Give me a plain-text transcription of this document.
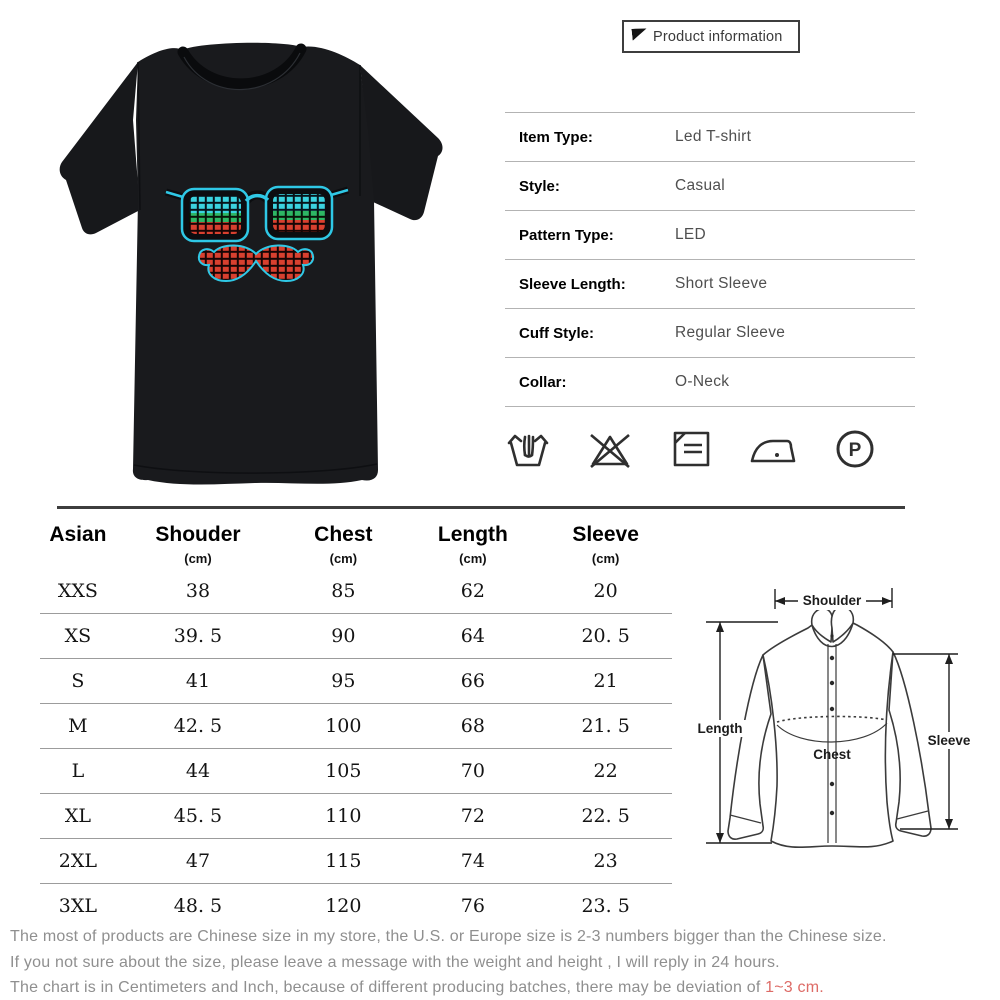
Product information
Item Type:	Led T-shirt
Style:	Casual
Pattern Type:	LED
Sleeve Length:	Short Sleeve
Cuff Style:	Regular Sleeve
Collar:	O-Neck
P
Asian	Shouder	Chest	Length	Sleeve
	(cm)	(cm)	(cm)	(cm)
XXS	38	85	62	20
XS	39. 5	90	64	20. 5
S	41	95	66	21
M	42. 5	100	68	21. 5
L	44	105	70	22
XL	45. 5	110	72	22. 5
2XL	47	115	74	23
3XL	48. 5	120	76	23. 5
Shoulder
Length
Sleeve
Chest
The most of products are Chinese size in my store, the U.S. or Europe size is 2-3 numbers bigger than the Chinese size.
If you not sure about the size, please leave a message with the weight and height , I will reply in 24 hours.
The chart is in Centimeters and Inch, because of different producing batches, there may be deviation of 1~3 cm.
